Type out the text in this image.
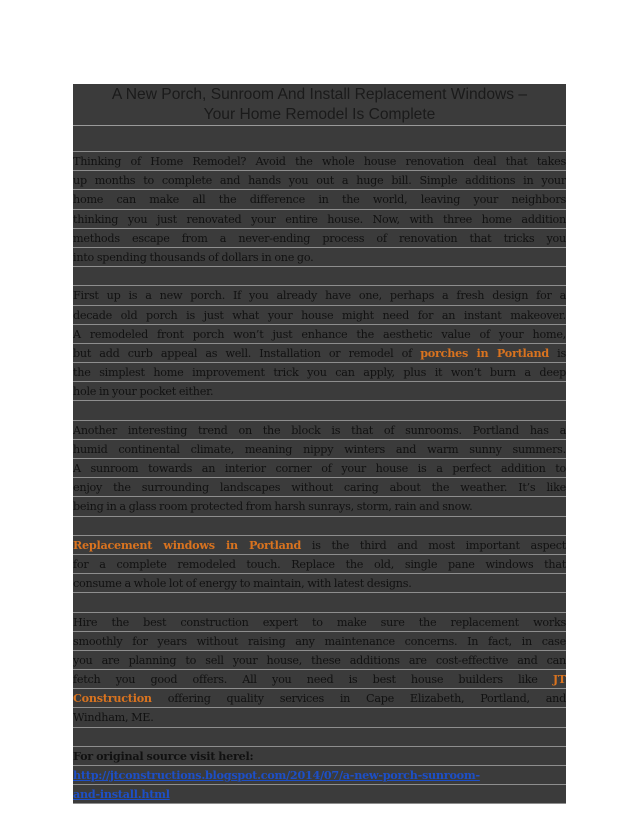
A New Porch, Sunroom And Install Replacement Windows –
Your Home Remodel Is Complete
Thinking of Home Remodel? Avoid the whole house renovation deal that takes
up months to complete and hands you out a huge bill. Simple additions in your
home can make all the difference in the world, leaving your neighbors
thinking you just renovated your entire house. Now, with three home addition
methods escape from a never-ending process of renovation that tricks you
into spending thousands of dollars in one go.
First up is a new porch. If you already have one, perhaps a fresh design for a
decade old porch is just what your house might need for an instant makeover.
A remodeled front porch won’t just enhance the aesthetic value of your home,
but add curb appeal as well. Installation or remodel of porches in Portland is
the simplest home improvement trick you can apply, plus it won’t burn a deep
hole in your pocket either.
Another interesting trend on the block is that of sunrooms. Portland has a
humid continental climate, meaning nippy winters and warm sunny summers.
A sunroom towards an interior corner of your house is a perfect addition to
enjoy the surrounding landscapes without caring about the weather. It’s like
being in a glass room protected from harsh sunrays, storm, rain and snow.
Replacement windows in Portland is the third and most important aspect
for a complete remodeled touch. Replace the old, single pane windows that
consume a whole lot of energy to maintain, with latest designs.
Hire the best construction expert to make sure the replacement works
smoothly for years without raising any maintenance concerns. In fact, in case
you are planning to sell your house, these additions are cost-effective and can
fetch you good offers. All you need is best house builders like JT
Construction offering quality services in Cape Elizabeth, Portland, and
Windham, ME.
For original source visit herel:
http://jtconstructions.blogspot.com/2014/07/a-new-porch-sunroom-
and-install.html
